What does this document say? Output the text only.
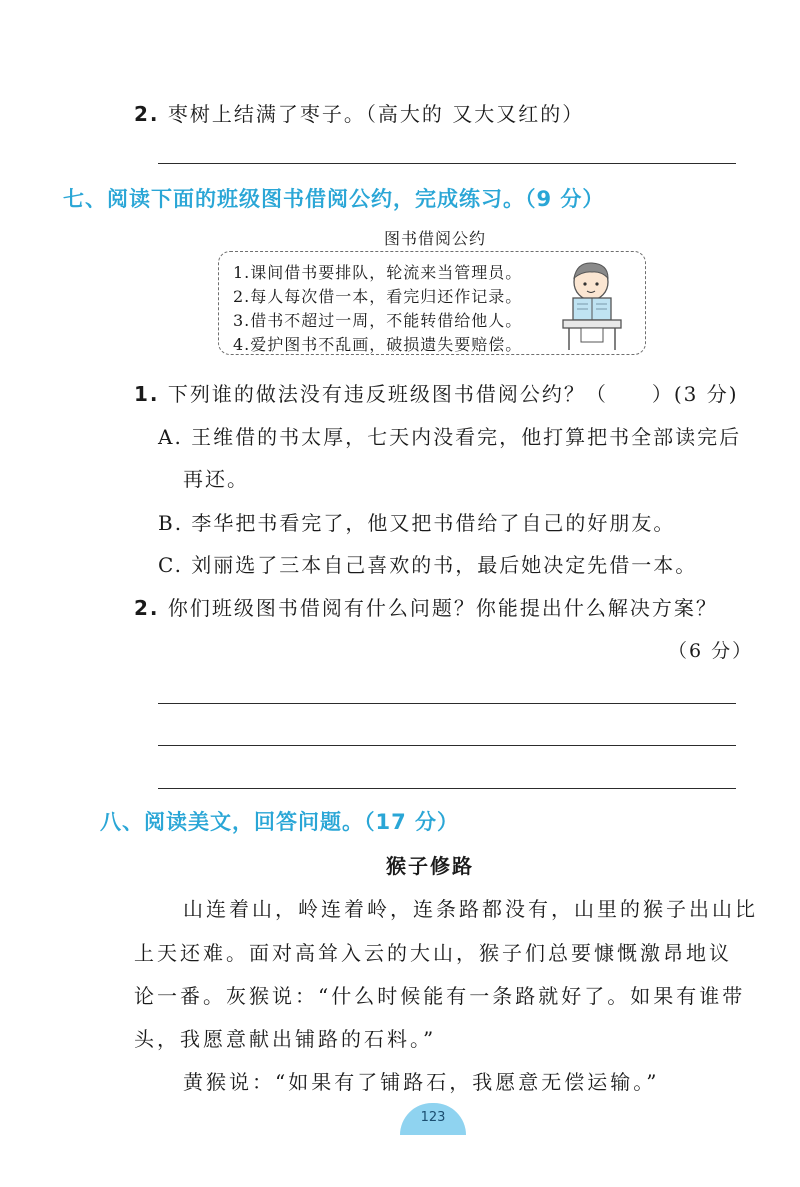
2. 枣树上结满了枣子。（高大的 又大又红的）
七、阅读下面的班级图书借阅公约，完成练习。（9 分）
图书借阅公约
1.课间借书要排队，轮流来当管理员。
2.每人每次借一本，看完归还作记录。
3.借书不超过一周，不能转借给他人。
4.爱护图书不乱画，破损遗失要赔偿。
1. 下列谁的做法没有违反班级图书借阅公约？（　　）(3 分)
A. 王维借的书太厚，七天内没看完，他打算把书全部读完后
再还。
B. 李华把书看完了，他又把书借给了自己的好朋友。
C. 刘丽选了三本自己喜欢的书，最后她决定先借一本。
2. 你们班级图书借阅有什么问题？你能提出什么解决方案？
（6 分）
八、阅读美文，回答问题。（17 分）
猴子修路
山连着山，岭连着岭，连条路都没有，山里的猴子出山比
上天还难。面对高耸入云的大山，猴子们总要慷慨激昂地议
论一番。灰猴说：“什么时候能有一条路就好了。如果有谁带
头，我愿意献出铺路的石料。”
黄猴说：“如果有了铺路石，我愿意无偿运输。”
123
